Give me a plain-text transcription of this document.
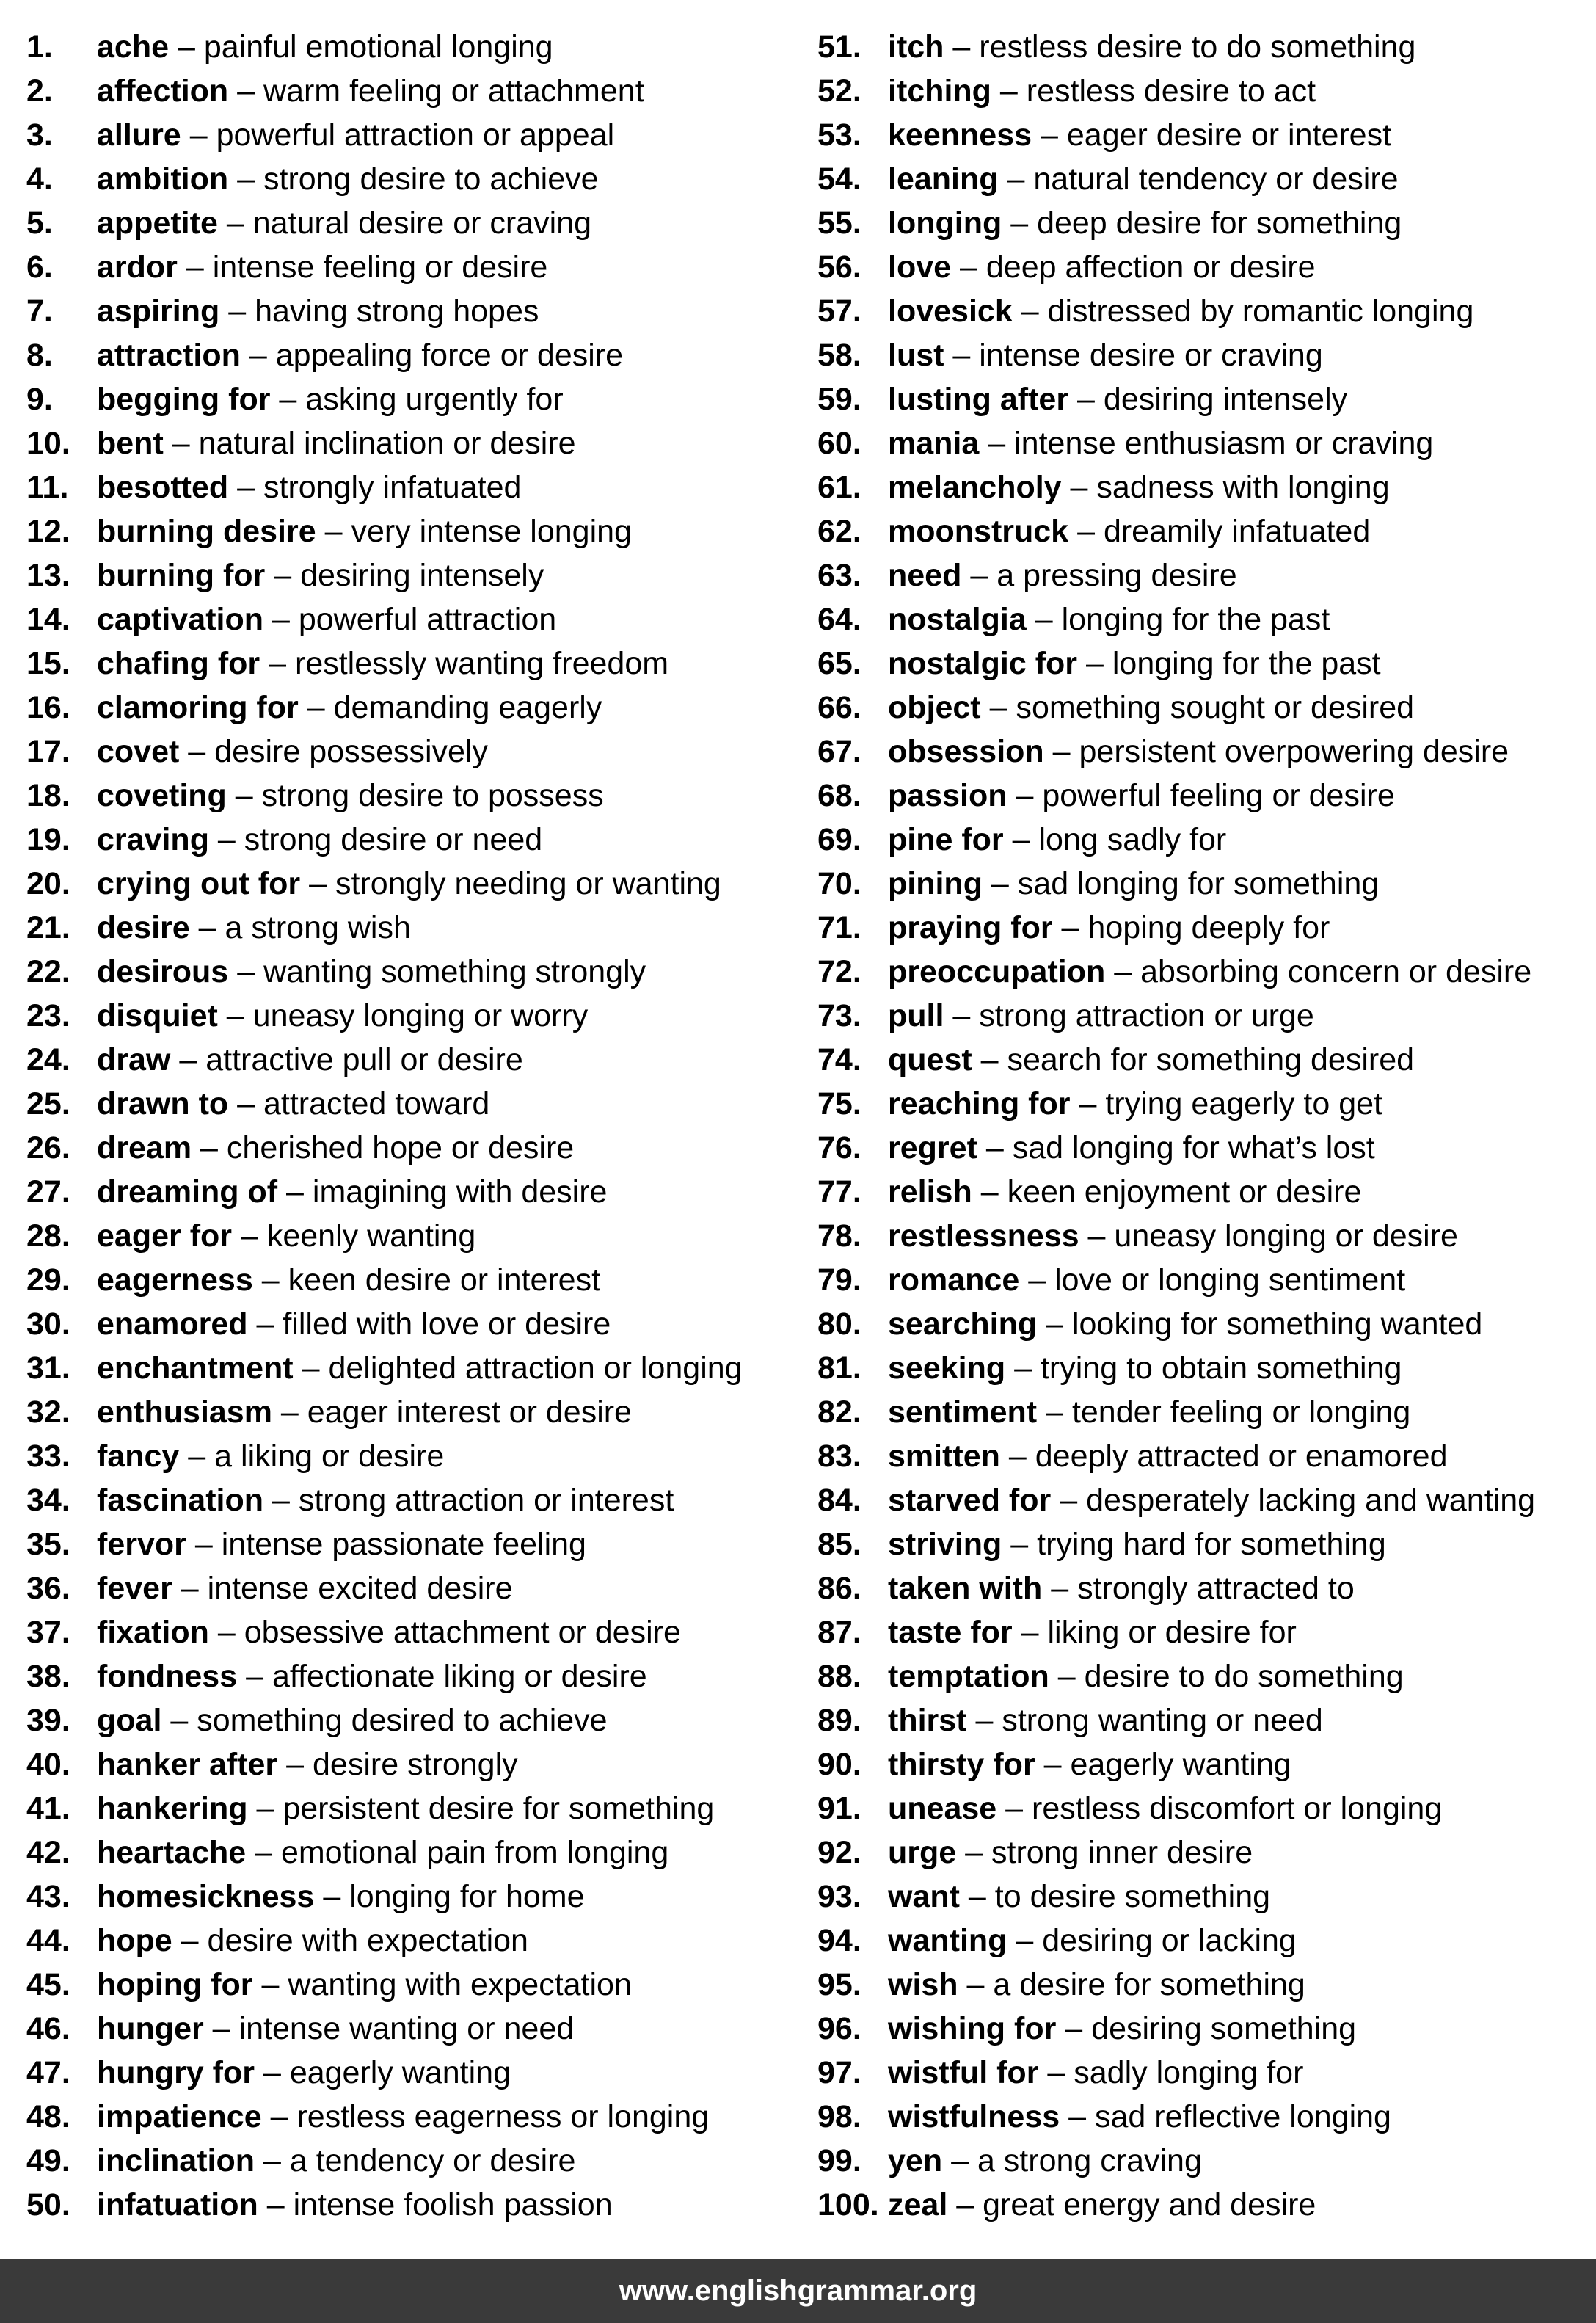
1. ache – painful emotional longing
2. affection – warm feeling or attachment
3. allure – powerful attraction or appeal
4. ambition – strong desire to achieve
5. appetite – natural desire or craving
6. ardor – intense feeling or desire
7. aspiring – having strong hopes
8. attraction – appealing force or desire
9. begging for – asking urgently for
10. bent – natural inclination or desire
11. besotted – strongly infatuated
12. burning desire – very intense longing
13. burning for – desiring intensely
14. captivation – powerful attraction
15. chafing for – restlessly wanting freedom
16. clamoring for – demanding eagerly
17. covet – desire possessively
18. coveting – strong desire to possess
19. craving – strong desire or need
20. crying out for – strongly needing or wanting
21. desire – a strong wish
22. desirous – wanting something strongly
23. disquiet – uneasy longing or worry
24. draw – attractive pull or desire
25. drawn to – attracted toward
26. dream – cherished hope or desire
27. dreaming of – imagining with desire
28. eager for – keenly wanting
29. eagerness – keen desire or interest
30. enamored – filled with love or desire
31. enchantment – delighted attraction or longing
32. enthusiasm – eager interest or desire
33. fancy – a liking or desire
34. fascination – strong attraction or interest
35. fervor – intense passionate feeling
36. fever – intense excited desire
37. fixation – obsessive attachment or desire
38. fondness – affectionate liking or desire
39. goal – something desired to achieve
40. hanker after – desire strongly
41. hankering – persistent desire for something
42. heartache – emotional pain from longing
43. homesickness – longing for home
44. hope – desire with expectation
45. hoping for – wanting with expectation
46. hunger – intense wanting or need
47. hungry for – eagerly wanting
48. impatience – restless eagerness or longing
49. inclination – a tendency or desire
50. infatuation – intense foolish passion
51. itch – restless desire to do something
52. itching – restless desire to act
53. keenness – eager desire or interest
54. leaning – natural tendency or desire
55. longing – deep desire for something
56. love – deep affection or desire
57. lovesick – distressed by romantic longing
58. lust – intense desire or craving
59. lusting after – desiring intensely
60. mania – intense enthusiasm or craving
61. melancholy – sadness with longing
62. moonstruck – dreamily infatuated
63. need – a pressing desire
64. nostalgia – longing for the past
65. nostalgic for – longing for the past
66. object – something sought or desired
67. obsession – persistent overpowering desire
68. passion – powerful feeling or desire
69. pine for – long sadly for
70. pining – sad longing for something
71. praying for – hoping deeply for
72. preoccupation – absorbing concern or desire
73. pull – strong attraction or urge
74. quest – search for something desired
75. reaching for – trying eagerly to get
76. regret – sad longing for what’s lost
77. relish – keen enjoyment or desire
78. restlessness – uneasy longing or desire
79. romance – love or longing sentiment
80. searching – looking for something wanted
81. seeking – trying to obtain something
82. sentiment – tender feeling or longing
83. smitten – deeply attracted or enamored
84. starved for – desperately lacking and wanting
85. striving – trying hard for something
86. taken with – strongly attracted to
87. taste for – liking or desire for
88. temptation – desire to do something
89. thirst – strong wanting or need
90. thirsty for – eagerly wanting
91. unease – restless discomfort or longing
92. urge – strong inner desire
93. want – to desire something
94. wanting – desiring or lacking
95. wish – a desire for something
96. wishing for – desiring something
97. wistful for – sadly longing for
98. wistfulness – sad reflective longing
99. yen – a strong craving
100. zeal – great energy and desire
www.englishgrammar.org
